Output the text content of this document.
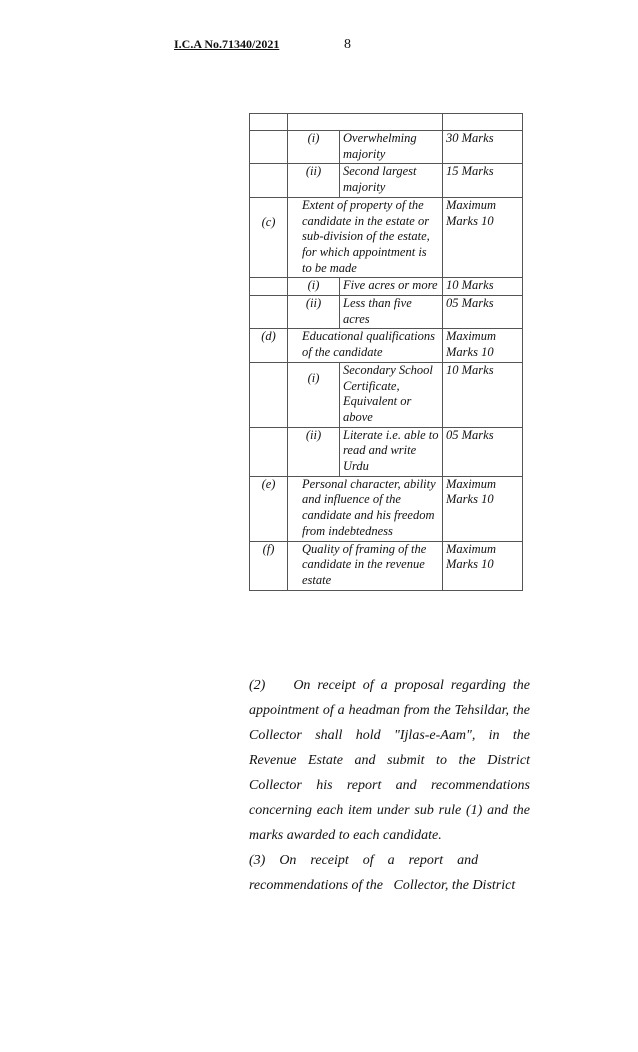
I.C.A No.71340/2021	8

	(i)	Overwhelming majority	30 Marks
	(ii)	Second largest majority	15 Marks
(c)	Extent of property of the candidate in the estate or sub-division of the estate, for which appointment is to be made		Maximum Marks 10
	(i)	Five acres or more	10 Marks
	(ii)	Less than five acres	05 Marks
(d)	Educational qualifications of the candidate		Maximum Marks 10
	(i)	Secondary School Certificate, Equivalent or above	10 Marks
	(ii)	Literate i.e. able to read and write Urdu	05 Marks
(e)	Personal character, ability and influence of the candidate and his freedom from indebtedness		Maximum Marks 10
(f)	Quality of framing of the candidate in the revenue estate		Maximum Marks 10

(2)    On receipt of a proposal regarding the appointment of a headman from the Tehsildar, the Collector shall hold "Ijlas-e-Aam", in the Revenue Estate and submit to the District Collector his report and recommendations concerning each item under sub rule (1) and the marks awarded to each candidate.

(3)    On    receipt    of    a    report    and

recommendations of the   Collector, the District
